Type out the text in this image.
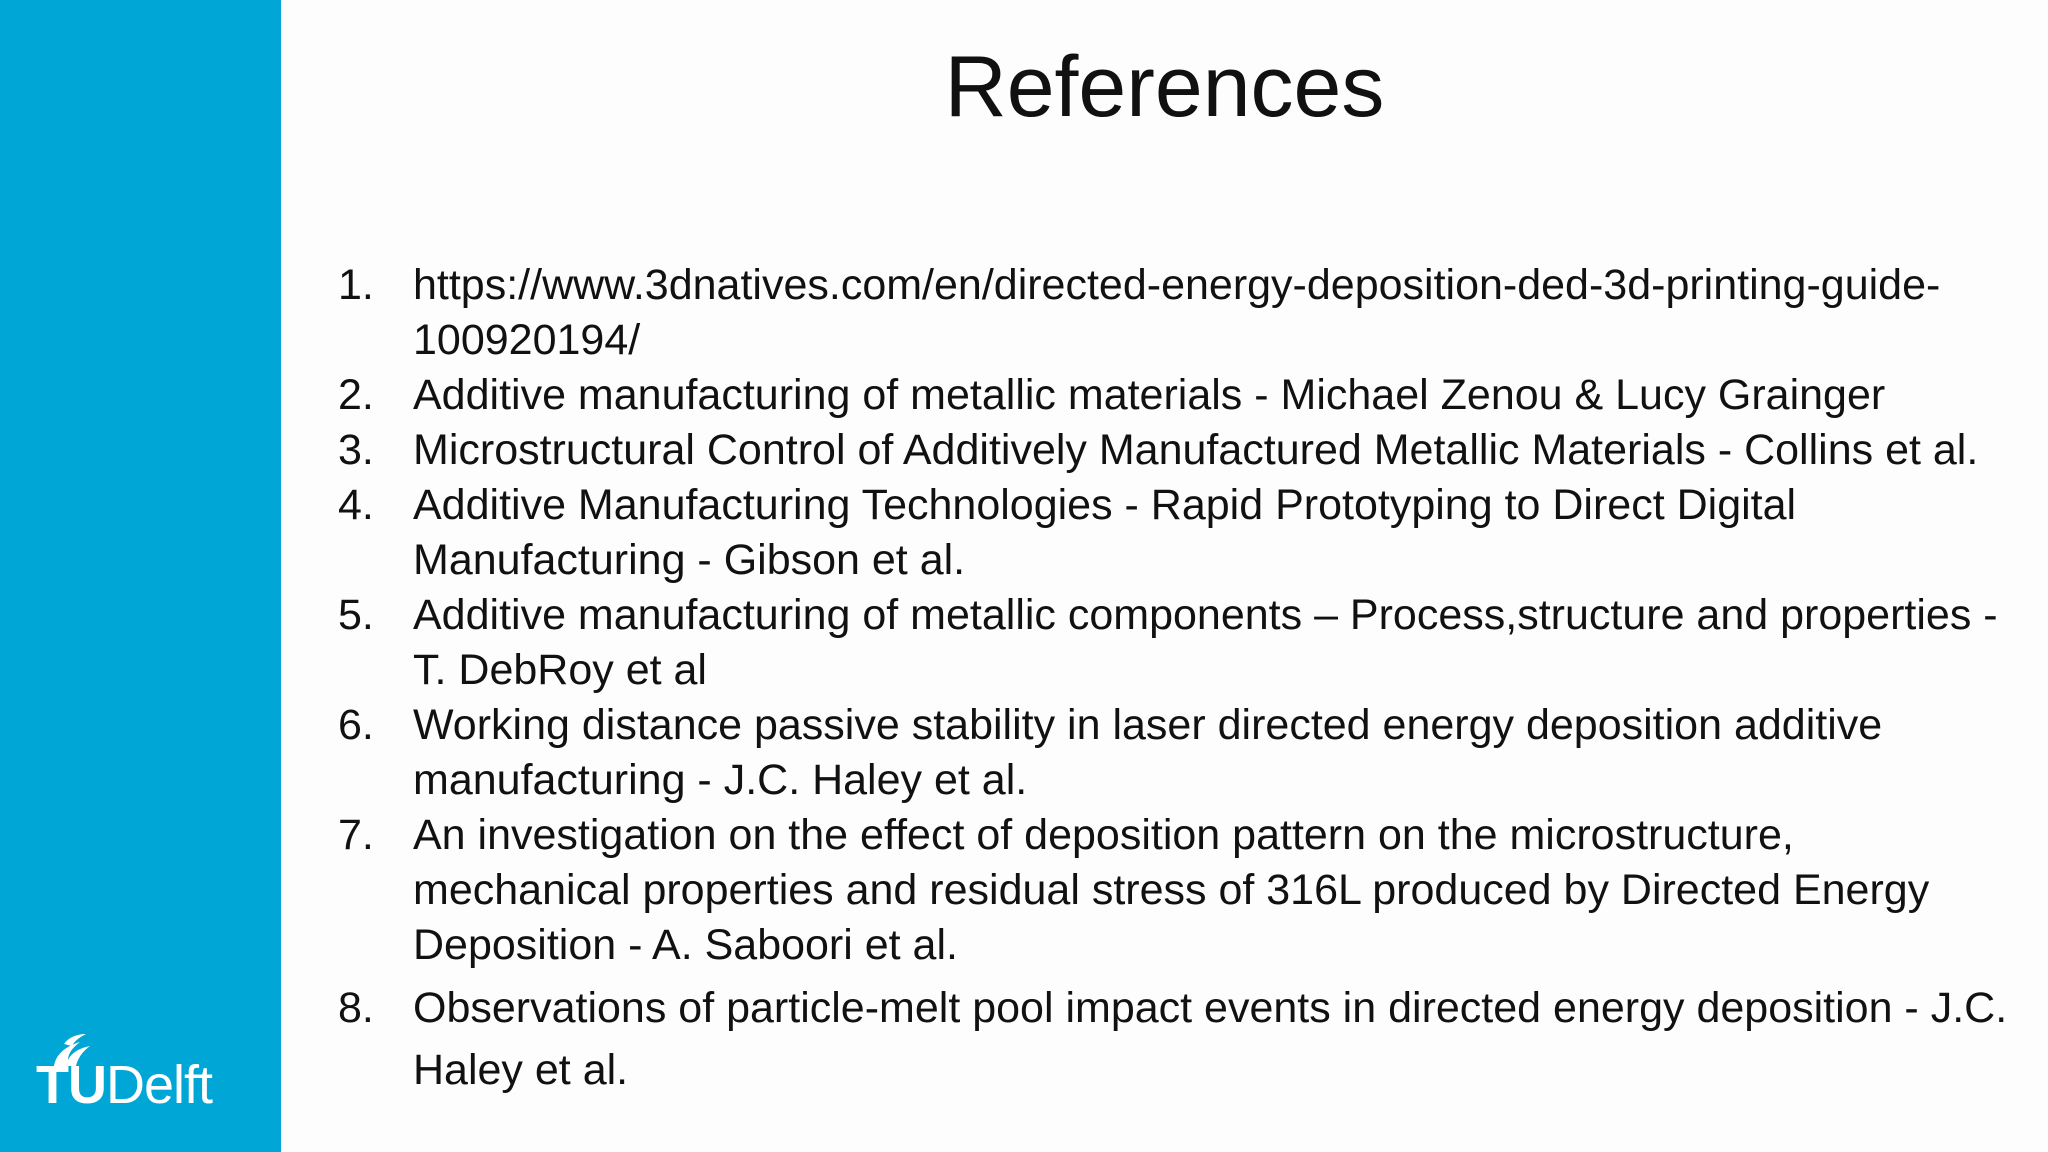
TUDelft
References
1. https://www.3dnatives.com/en/directed-energy-deposition-ded-3d-printing-guide-100920194/
2. Additive manufacturing of metallic materials - Michael Zenou & Lucy Grainger
3. Microstructural Control of Additively Manufactured Metallic Materials - Collins et al.
4. Additive Manufacturing Technologies - Rapid Prototyping to Direct Digital Manufacturing - Gibson et al.
5. Additive manufacturing of metallic components – Process,structure and properties - T. DebRoy et al
6. Working distance passive stability in laser directed energy deposition additive manufacturing - J.C. Haley et al.
7. An investigation on the effect of deposition pattern on the microstructure, mechanical properties and residual stress of 316L produced by Directed Energy Deposition - A. Saboori et al.
8. Observations of particle-melt pool impact events in directed energy deposition - J.C. Haley et al.
